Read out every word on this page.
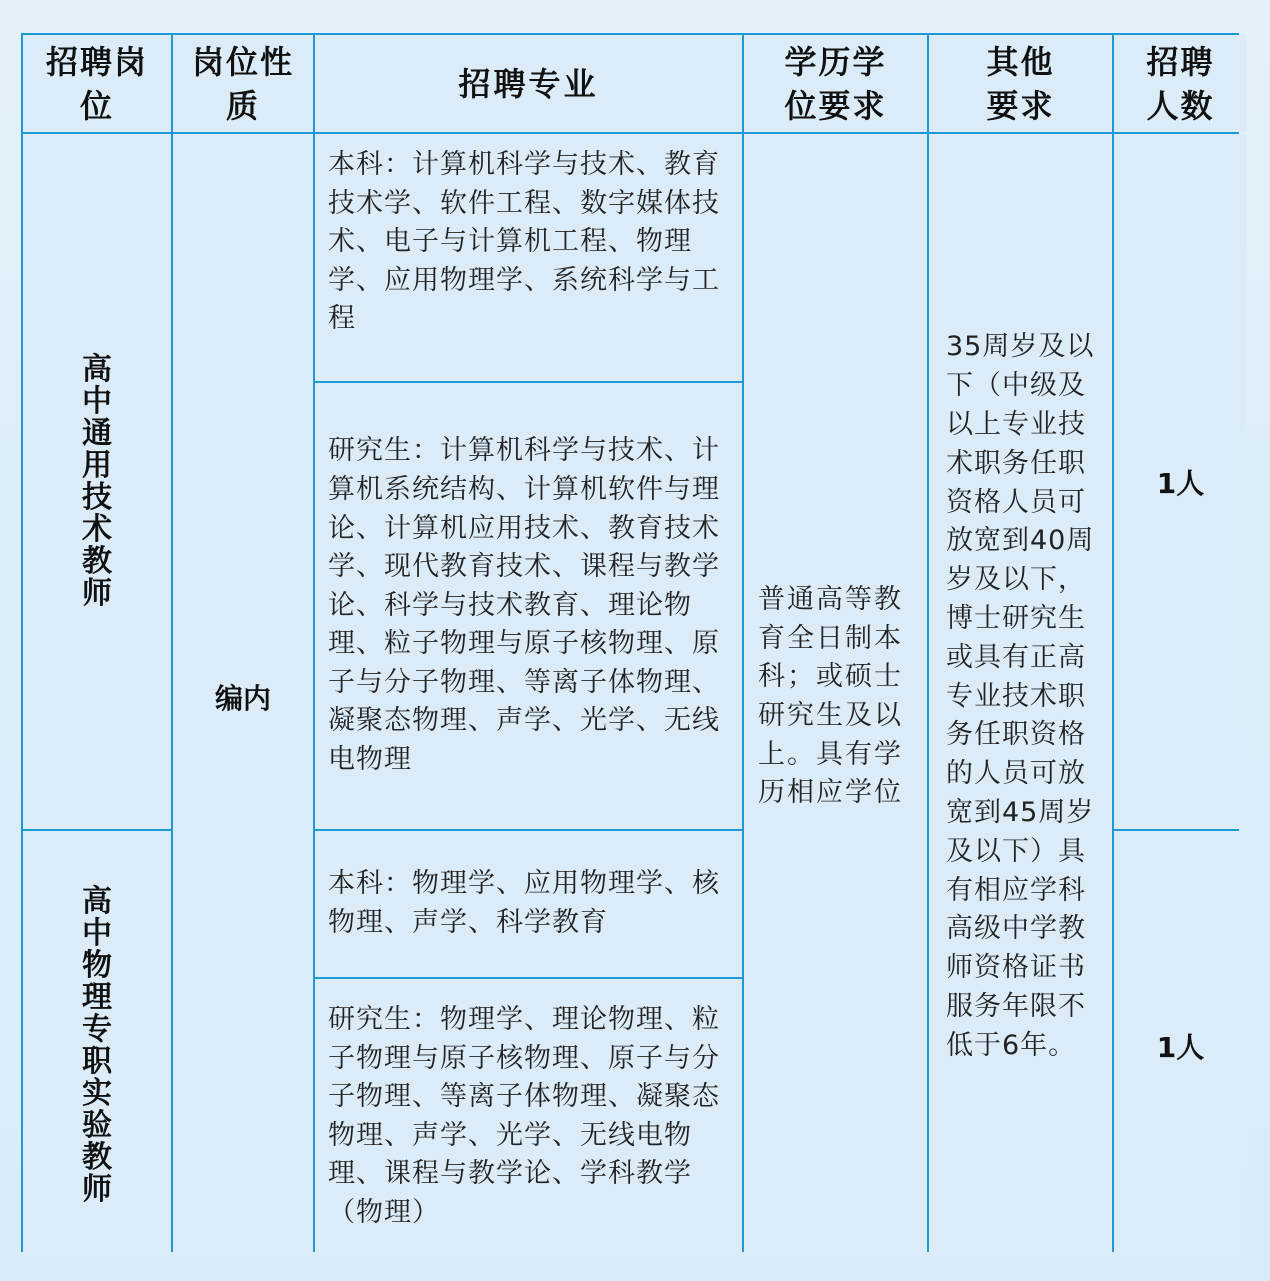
招聘岗位
岗位性质
招聘专业
学历学位要求
其他要求
招聘人数
高中通用技术教师
编内
本科：计算机科学与技术、教育技术学、软件工程、数字媒体技术、电子与计算机工程、物理学、应用物理学、系统科学与工程
普通高等教育全日制本科；或硕士研究生及以上。具有学历相应学位
35周岁及以下（中级及以上专业技术职务任职资格人员可放宽到40周岁及以下，博士研究生或具有正高专业技术职务任职资格的人员可放宽到45周岁及以下）具有相应学科高级中学教师资格证书服务年限不低于6年。
1人
研究生：计算机科学与技术、计算机系统结构、计算机软件与理论、计算机应用技术、教育技术学、现代教育技术、课程与教学论、科学与技术教育、理论物理、粒子物理与原子核物理、原子与分子物理、等离子体物理、凝聚态物理、声学、光学、无线电物理
高中物理专职实验教师
本科：物理学、应用物理学、核物理、声学、科学教育
1人
研究生：物理学、理论物理、粒子物理与原子核物理、原子与分子物理、等离子体物理、凝聚态物理、声学、光学、无线电物理、课程与教学论、学科教学（物理）
